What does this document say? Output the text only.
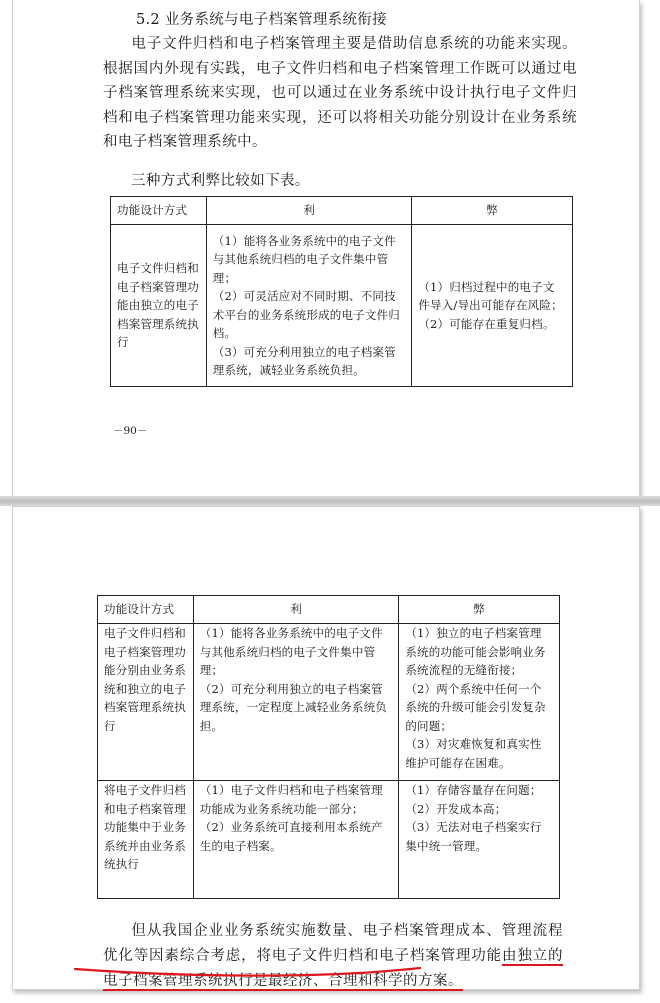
5.2 业务系统与电子档案管理系统衔接

电子文件归档和电子档案管理主要是借助信息系统的功能来实现。根据国内外现有实践，电子文件归档和电子档案管理工作既可以通过电子档案管理系统来实现，也可以通过在业务系统中设计执行电子文件归档和电子档案管理功能来实现，还可以将相关功能分别设计在业务系统和电子档案管理系统中。

三种方式利弊比较如下表。

功能设计方式	利	弊
电子文件归档和电子档案管理功能由独立的电子档案管理系统执行	（1）能将各业务系统中的电子文件与其他系统归档的电子文件集中管理；
（2）可灵活应对不同时期、不同技术平台的业务系统形成的电子文件归档。
（3）可充分利用独立的电子档案管理系统，减轻业务系统负担。	（1）归档过程中的电子文件导入/导出可能存在风险；
（2）可能存在重复归档。
－90－
功能设计方式	利	弊
电子文件归档和电子档案管理功能分别由业务系统和独立的电子档案管理系统执行	（1）能将各业务系统中的电子文件与其他系统归档的电子文件集中管理；
（2）可充分利用独立的电子档案管理系统，一定程度上减轻业务系统负担。	（1）独立的电子档案管理系统的功能可能会影响业务系统流程的无缝衔接；
（2）两个系统中任何一个系统的升级可能会引发复杂的问题；
（3）对灾难恢复和真实性维护可能存在困难。

将电子文件归档和电子档案管理功能集中于业务系统并由业务系统执行	（1）电子文件归档和电子档案管理功能成为业务系统功能一部分；
（2）业务系统可直接利用本系统产生的电子档案。	（1）存储容量存在问题；
（2）开发成本高；
（3）无法对电子档案实行集中统一管理。

但从我国企业业务系统实施数量、电子档案管理成本、管理流程优化等因素综合考虑，将电子文件归档和电子档案管理功能由独立的电子档案管理系统执行是最经济、合理和科学的方案。
